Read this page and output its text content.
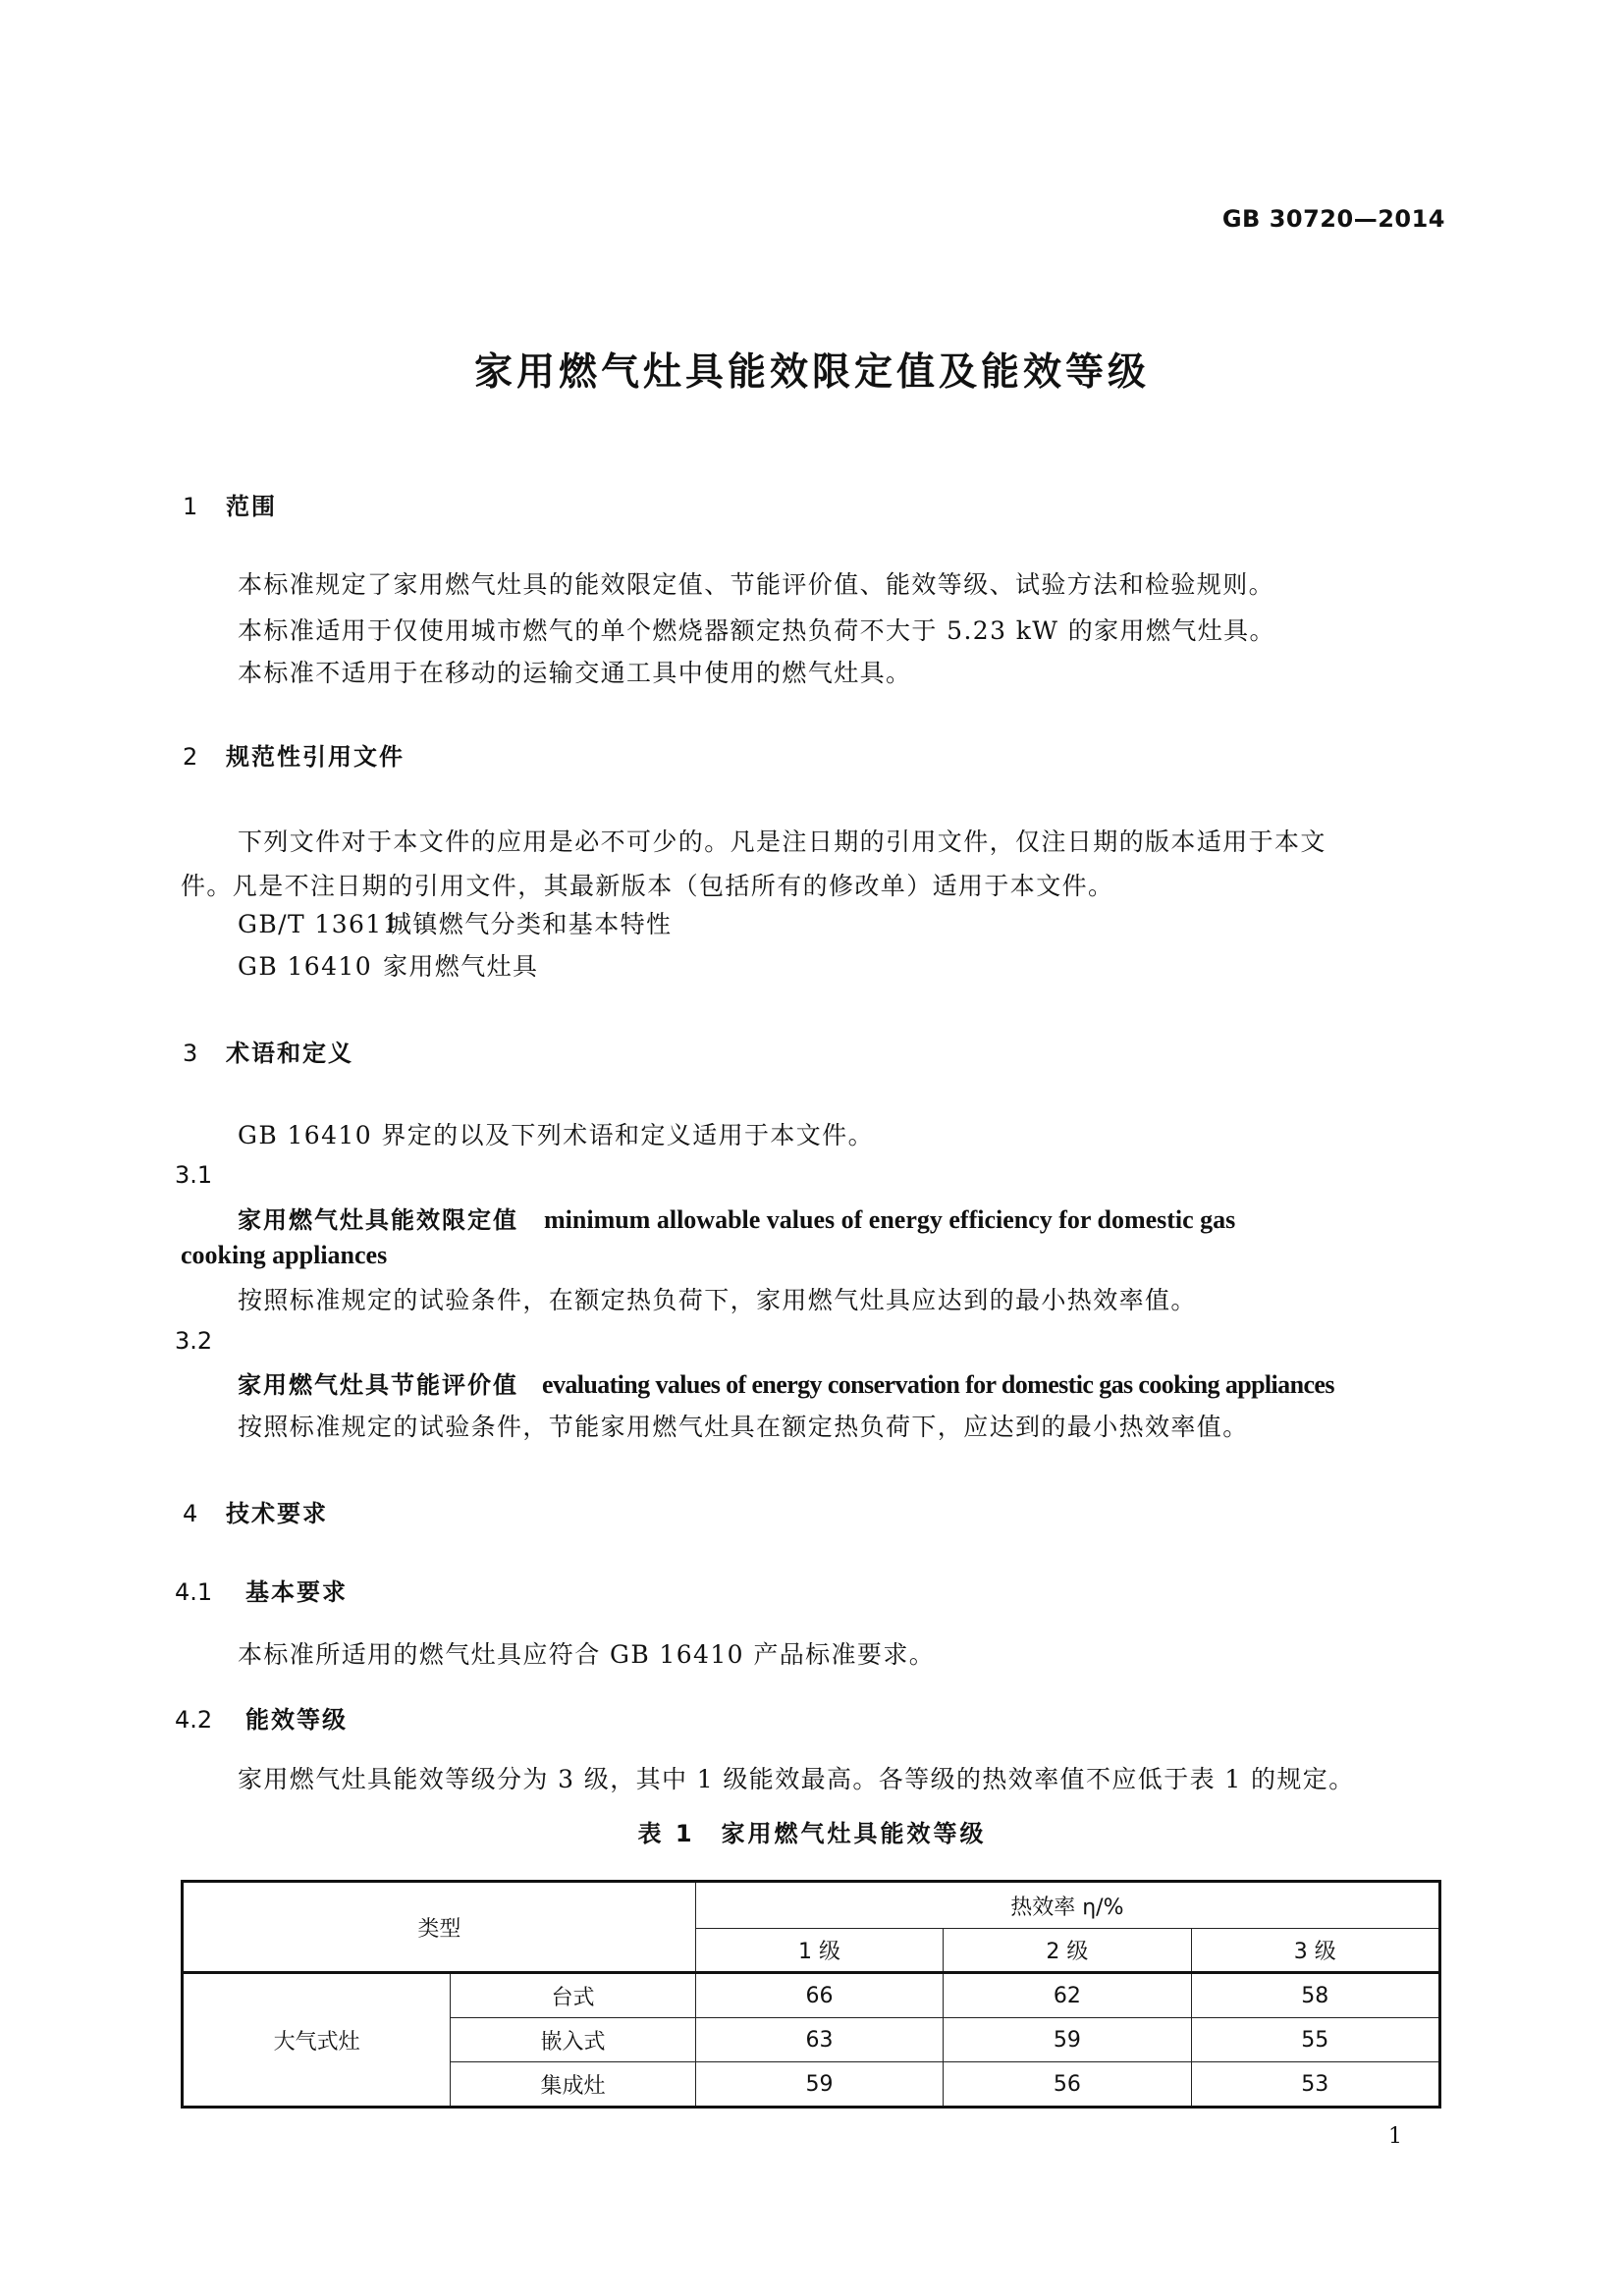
GB 30720—2014
家用燃气灶具能效限定值及能效等级
1 范围
本标准规定了家用燃气灶具的能效限定值、节能评价值、能效等级、试验方法和检验规则。
本标准适用于仅使用城市燃气的单个燃烧器额定热负荷不大于 5.23 kW 的家用燃气灶具。
本标准不适用于在移动的运输交通工具中使用的燃气灶具。
2 规范性引用文件
下列文件对于本文件的应用是必不可少的。凡是注日期的引用文件，仅注日期的版本适用于本文
件。凡是不注日期的引用文件，其最新版本（包括所有的修改单）适用于本文件。
GB/T 13611城镇燃气分类和基本特性
GB 16410 家用燃气灶具
3 术语和定义
GB 16410 界定的以及下列术语和定义适用于本文件。
3.1
家用燃气灶具能效限定值 minimum allowable values of energy efficiency for domestic gas
cooking appliances
按照标准规定的试验条件，在额定热负荷下，家用燃气灶具应达到的最小热效率值。
3.2
家用燃气灶具节能评价值 evaluating values of energy conservation for domestic gas cooking appliances
按照标准规定的试验条件，节能家用燃气灶具在额定热负荷下，应达到的最小热效率值。
4 技术要求
4.1 基本要求
本标准所适用的燃气灶具应符合 GB 16410 产品标准要求。
4.2 能效等级
家用燃气灶具能效等级分为 3 级，其中 1 级能效最高。各等级的热效率值不应低于表 1 的规定。
表 1　家用燃气灶具能效等级
类型		热效率 η/%		
		1 级	2 级	3 级
大气式灶	台式	66	62	58
	嵌入式	63	59	55
	集成灶	59	56	53
1
